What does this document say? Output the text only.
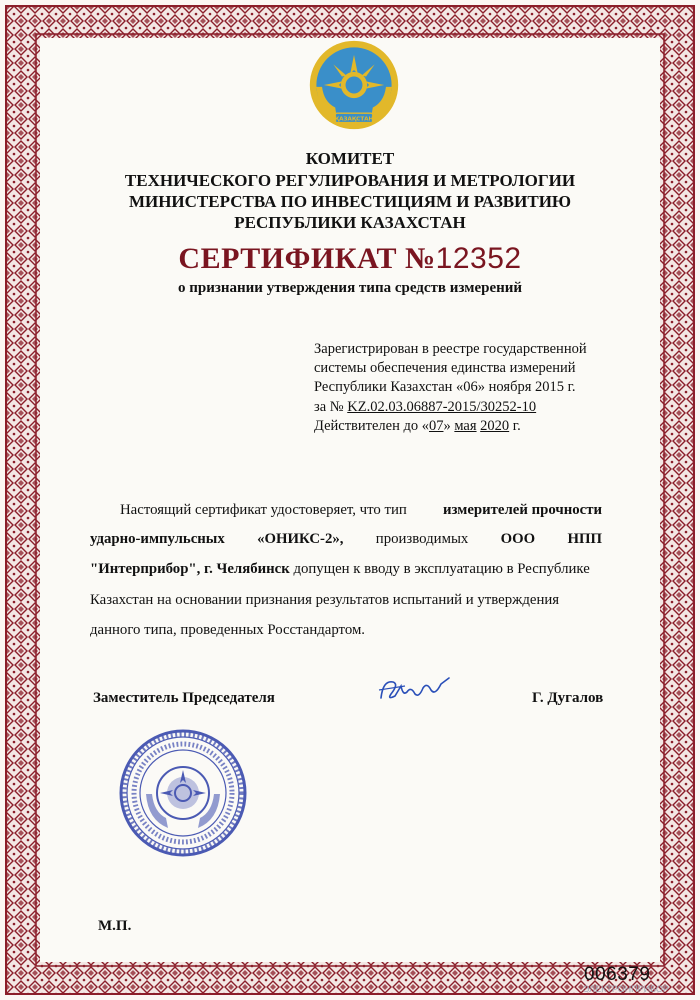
ҚАЗАҚСТАН
КОМИТЕТ
ТЕХНИЧЕСКОГО РЕГУЛИРОВАНИЯ И МЕТРОЛОГИИ
МИНИСТЕРСТВА ПО ИНВЕСТИЦИЯМ И РАЗВИТИЮ
РЕСПУБЛИКИ КАЗАХСТАН
СЕРТИФИКАТ №12352
о признании утверждения типа средств измерений
Зарегистрирован в реестре государственной
системы обеспечения единства измерений
Республики Казахстан «06» ноября 2015 г.
за № KZ.02.03.06887-2015/30252-10
Действителен до «07» мая 2020 г.
Настоящий сертификат удостоверяет, что тип измерителей прочности
ударно-импульсных «ОНИКС-2», производимых ООО НПП
"Интерприбор", г. Челябинск допущен к вводу в эксплуатацию в Республике
Казахстан на основании признания результатов испытаний и утверждения
данного типа, проведенных Росстандартом.
Заместитель Председателя	Г. Дугалов
М.П.
006379
ЭЛЕКТРОНПРИБОР
